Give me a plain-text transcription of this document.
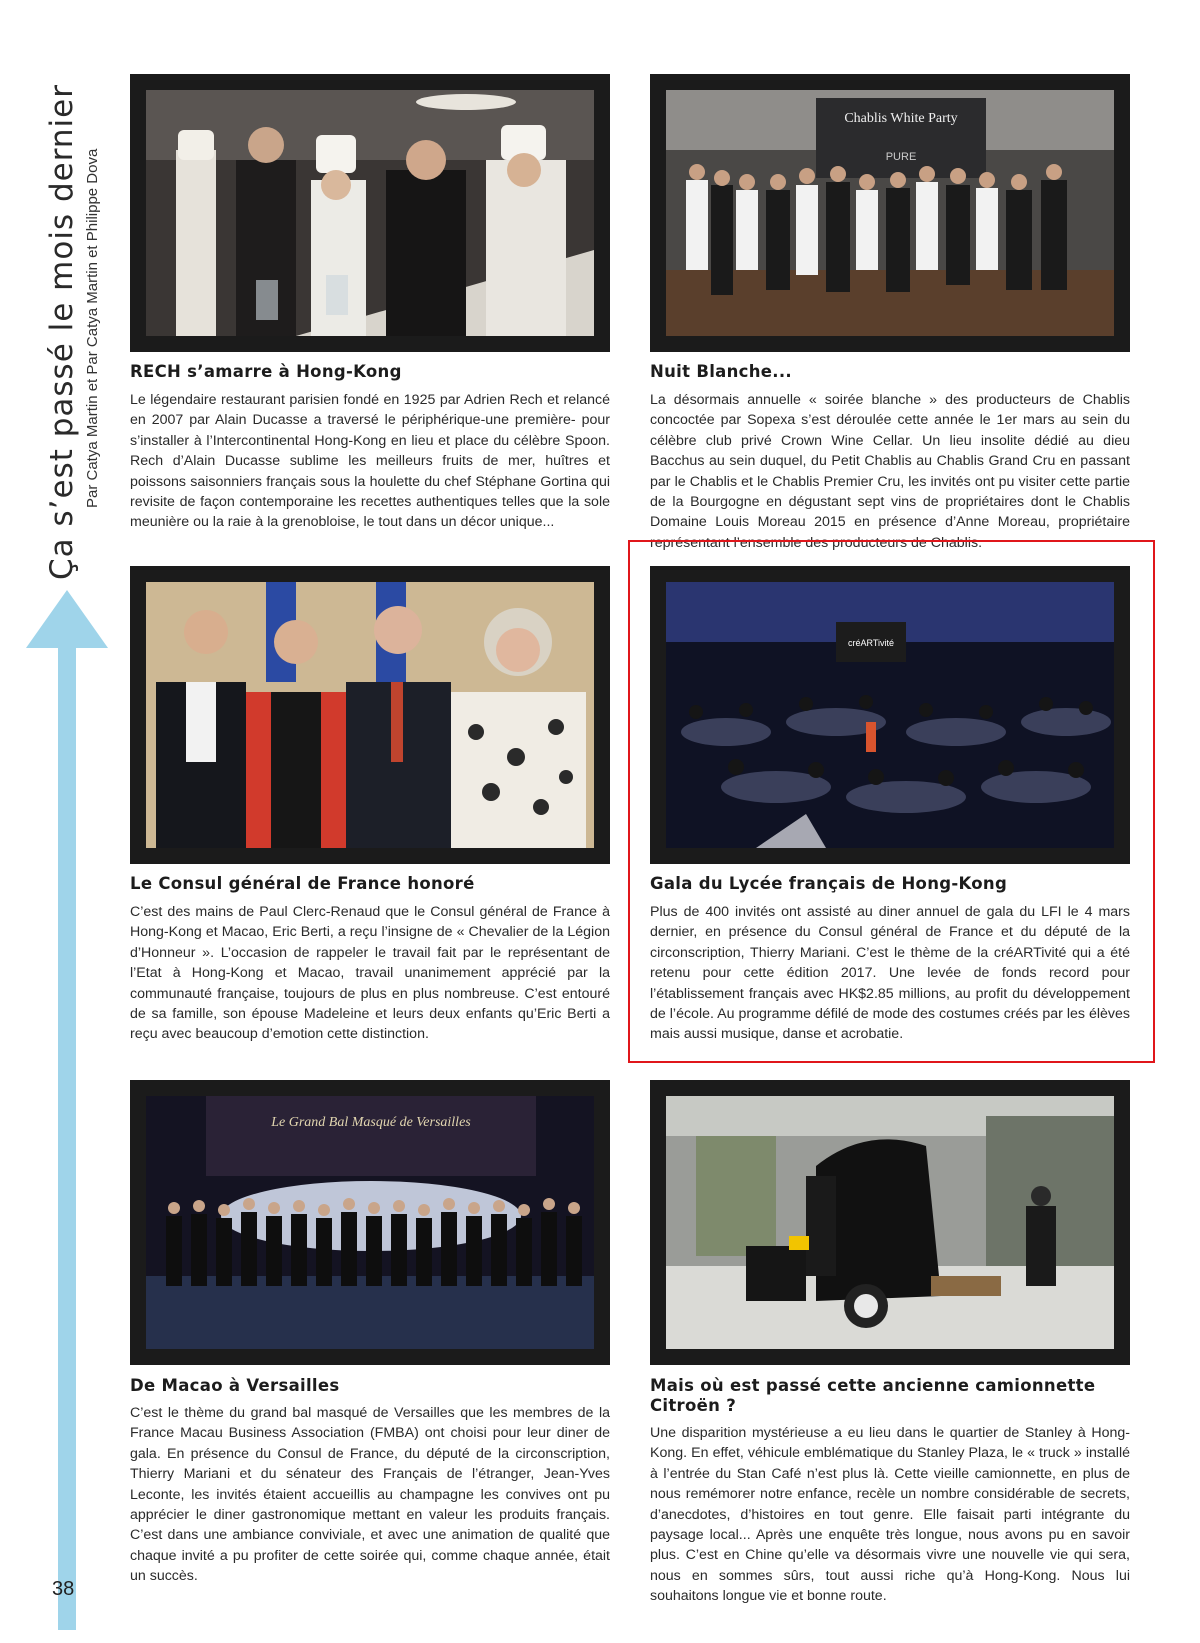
Ça s’est passé le mois dernier Par Catya Martin et Par Catya Martin et Philippe Dova
38
RECH s’amarre à Hong-Kong
Le légendaire restaurant parisien fondé en 1925 par Adrien Rech et relancé en 2007 par Alain Ducasse a traversé le périphérique-une première- pour s’installer à l’Intercontinental Hong-Kong en lieu et place du célèbre Spoon. Rech d’Alain Ducasse sublime les meilleurs fruits de mer, huîtres et poissons saisonniers français sous la houlette du chef Stéphane Gortina qui revisite de façon contemporaine les recettes authentiques telles que la sole meunière ou la raie à la grenobloise, le tout dans un décor unique...
Chablis White Party
PURE
Nuit Blanche...
La désormais annuelle « soirée blanche » des producteurs de Chablis concoctée par Sopexa s’est déroulée cette année le 1er mars au sein du célèbre club privé Crown Wine Cellar. Un lieu insolite dédié au dieu Bacchus au sein duquel, du Petit Chablis au Chablis Grand Cru en passant par le Chablis et le Chablis Premier Cru, les invités ont pu visiter cette partie de la Bourgogne en dégustant sept vins de propriétaires dont le Chablis Domaine Louis Moreau 2015 en présence d’Anne Moreau, propriétaire représentant l’ensemble des producteurs de Chablis.
Le Consul général de France honoré
C’est des mains de Paul Clerc-Renaud que le Consul général de France à Hong-Kong et Macao, Eric Berti, a reçu l’insigne de « Chevalier de la Légion d’Honneur ». L’occasion de rappeler le travail fait par le représentant de l’Etat à Hong-Kong et Macao, travail unanimement apprécié par la communauté française, toujours de plus en plus nombreuse. C’est entouré de sa famille, son épouse Madeleine et leurs deux enfants qu’Eric Berti a reçu avec beaucoup d’emotion cette distinction.
créARTivité
Gala du Lycée français de Hong-Kong
Plus de 400 invités ont assisté au diner annuel de gala du LFI le 4 mars dernier, en présence du Consul général de France et du député de la circonscription, Thierry Mariani. C’est le thème de la créARTivité qui a été retenu pour cette édition 2017. Une levée de fonds record pour l’établissement français avec HK$2.85 millions, au profit du développement de l’école. Au programme défilé de mode des costumes créés par les élèves mais aussi musique, danse et acrobatie.
Le Grand Bal Masqué de Versailles
De Macao à Versailles
C’est le thème du grand bal masqué de Versailles que les membres de la France Macau Business Association (FMBA) ont choisi pour leur diner de gala. En présence du Consul de France, du député de la circonscription, Thierry Mariani et du sénateur des Français de l’étranger, Jean-Yves Leconte, les invités étaient accueillis au champagne les convives ont pu apprécier le diner gastronomique mettant en valeur les produits français. C’est dans une ambiance conviviale, et avec une animation de qualité que chaque invité a pu profiter de cette soirée qui, comme chaque année, était un succès.
Mais où est passé cette ancienne camionnette Citroën ?
Une disparition mystérieuse a eu lieu dans le quartier de Stanley à Hong-Kong. En effet, véhicule emblématique du Stanley Plaza, le « truck » installé à l’entrée du Stan Café n’est plus là. Cette vieille camionnette, en plus de nous remémorer notre enfance, recèle un nombre considérable de secrets, d’anecdotes, d’histoires en tout genre. Elle faisait parti intégrante du paysage local... Après une enquête très longue, nous avons pu en savoir plus. C’est en Chine qu’elle va désormais vivre une nouvelle vie qui sera, nous en sommes sûrs, tout aussi riche qu’à Hong-Kong. Nous lui souhaitons longue vie et bonne route.
